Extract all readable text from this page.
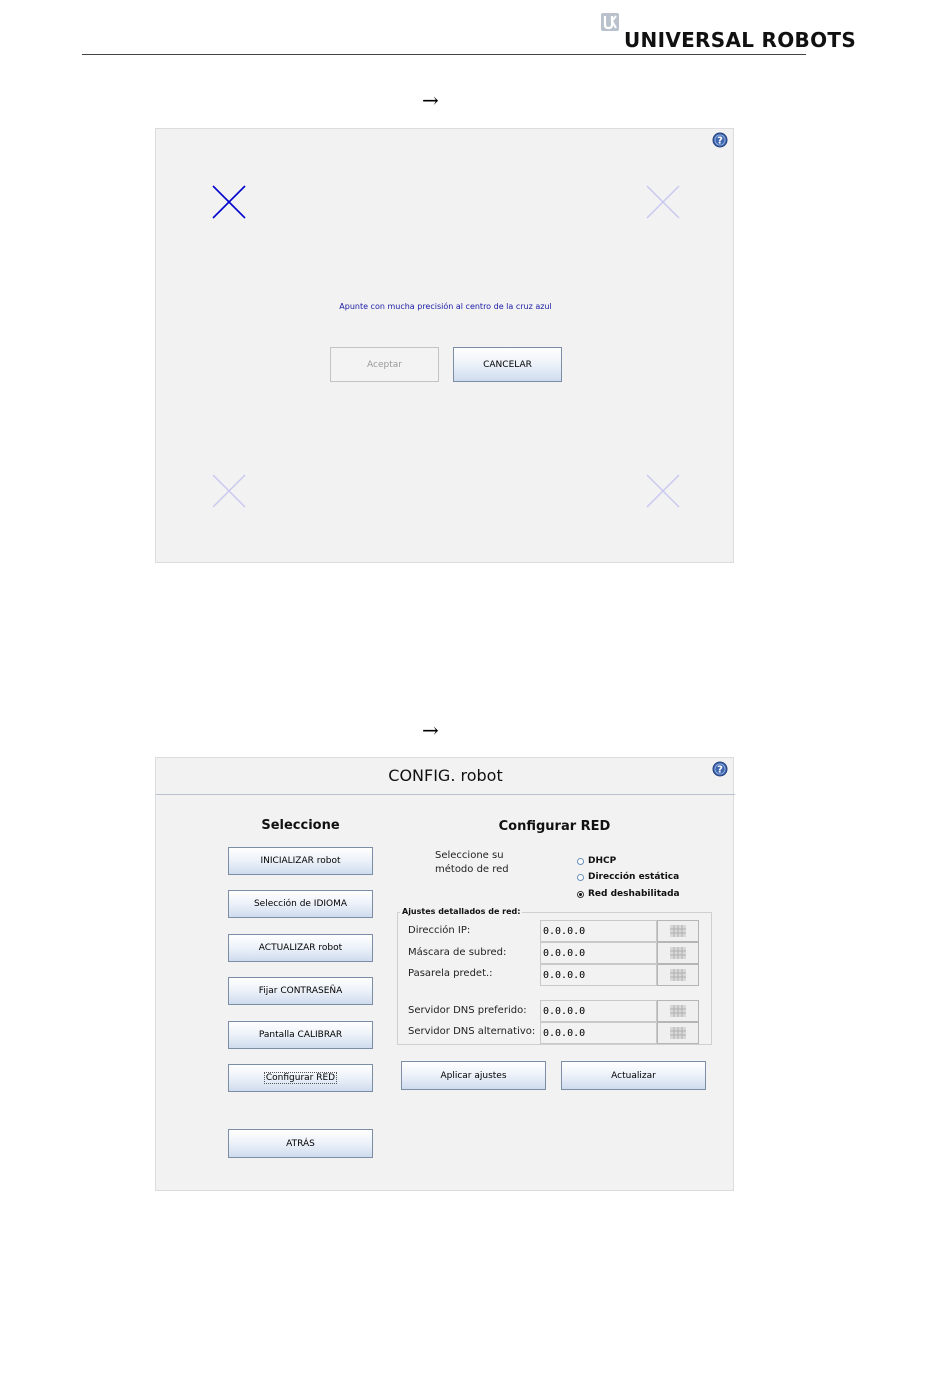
UNIVERSAL ROBOTS
→
?
Apunte con mucha precisión al centro de la cruz azul
Aceptar	CANCELAR
→
CONFIG. robot	?
Seleccione
INICIALIZAR robot
Selección de IDIOMA
ACTUALIZAR robot
Fijar CONTRASEÑA
Pantalla CALIBRAR
Configurar RED
ATRÁS
Configurar RED
Seleccione su
método de red
DHCP
Dirección estática
Red deshabilitada
Ajustes detallados de red:
Dirección IP:
0.0.0.0
Máscara de subred:
0.0.0.0
Pasarela predet.:
0.0.0.0
Servidor DNS preferido:
0.0.0.0
Servidor DNS alternativo:
0.0.0.0
Aplicar ajustes	Actualizar
